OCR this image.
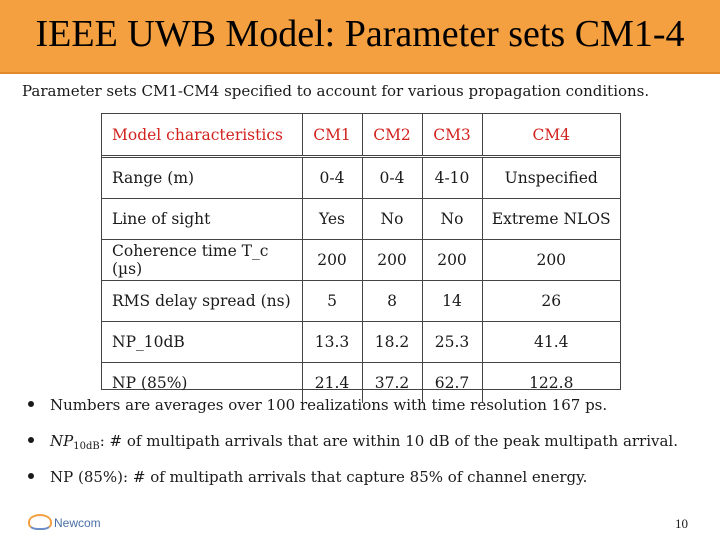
IEEE UWB Model: Parameter sets CM1-4
Parameter sets CM1-CM4 specified to account for various propagation conditions.
Model characteristics	CM1	CM2	CM3	CM4
Range (m)	0-4	0-4	4-10	Unspecified
Line of sight	Yes	No	No	Extreme NLOS
Coherence time T_c (µs)	200	200	200	200
RMS delay spread (ns)	5	8	14	26
NP_10dB	13.3	18.2	25.3	41.4
NP (85%)	21.4	37.2	62.7	122.8
Numbers are averages over 100 realizations with time resolution 167 ps.
$NP_{10dB}$ : # of multipath arrivals that are within 10 dB of the peak multipath arrival.
NP (85%) : # of multipath arrivals that capture 85% of channel energy.
Newcom	10
